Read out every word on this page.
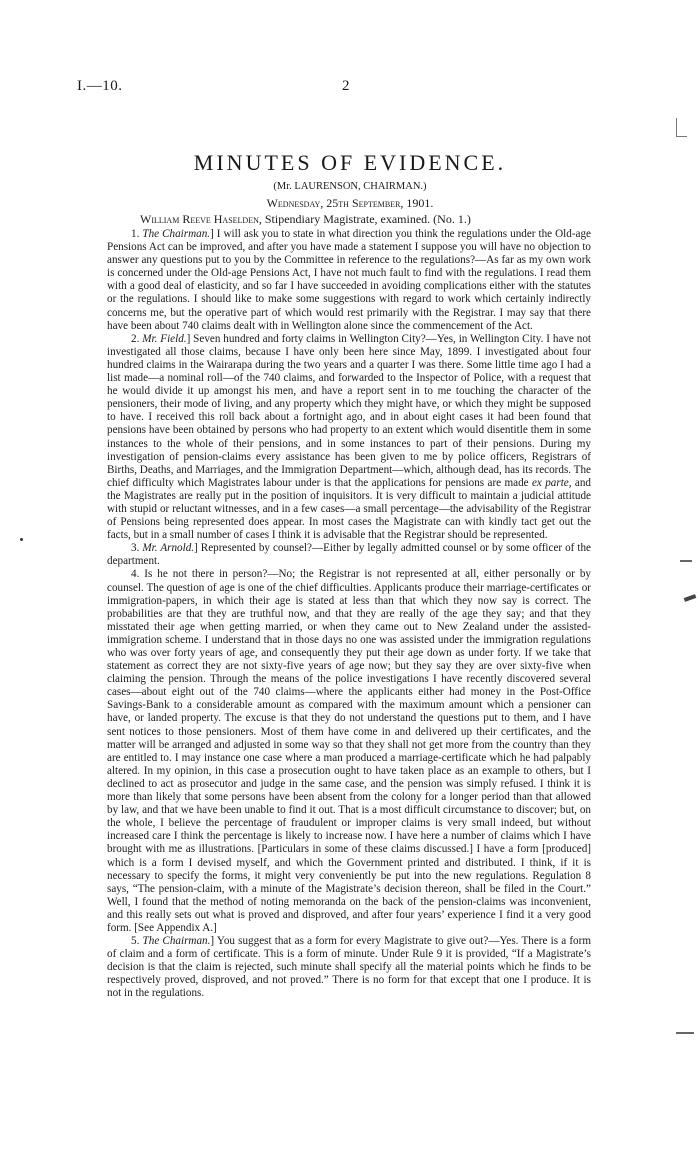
I.—10.	2
MINUTES OF EVIDENCE.
(Mr. LAURENSON, CHAIRMAN.)
Wednesday, 25th September, 1901.
William Reeve Haselden, Stipendiary Magistrate, examined. (No. 1.)

1. The Chairman.] I will ask you to state in what direction you think the regulations under the Old-age Pensions Act can be improved, and after you have made a statement I suppose you will have no objection to answer any questions put to you by the Committee in reference to the regulations?—As far as my own work is concerned under the Old-age Pensions Act, I have not much fault to find with the regulations. I read them with a good deal of elasticity, and so far I have succeeded in avoiding complications either with the statutes or the regulations. I should like to make some suggestions with regard to work which certainly indirectly concerns me, but the operative part of which would rest primarily with the Registrar. I may say that there have been about 740 claims dealt with in Wellington alone since the commencement of the Act.

2. Mr. Field.] Seven hundred and forty claims in Wellington City?—Yes, in Wellington City. I have not investigated all those claims, because I have only been here since May, 1899. I investigated about four hundred claims in the Wairarapa during the two years and a quarter I was there. Some little time ago I had a list made—a nominal roll—of the 740 claims, and forwarded to the Inspector of Police, with a request that he would divide it up amongst his men, and have a report sent in to me touching the character of the pensioners, their mode of living, and any property which they might have, or which they might be supposed to have. I received this roll back about a fortnight ago, and in about eight cases it had been found that pensions have been obtained by persons who had property to an extent which would disentitle them in some instances to the whole of their pensions, and in some instances to part of their pensions. During my investigation of pension-claims every assistance has been given to me by police officers, Registrars of Births, Deaths, and Marriages, and the Immigration Department—which, although dead, has its records. The chief difficulty which Magistrates labour under is that the applications for pensions are made ex parte, and the Magistrates are really put in the position of inquisitors. It is very difficult to maintain a judicial attitude with stupid or reluctant witnesses, and in a few cases—a small percentage—the advisability of the Registrar of Pensions being represented does appear. In most cases the Magistrate can with kindly tact get out the facts, but in a small number of cases I think it is advisable that the Registrar should be represented.

3. Mr. Arnold.] Represented by counsel?—Either by legally admitted counsel or by some officer of the department.

4. Is he not there in person?—No; the Registrar is not represented at all, either personally or by counsel. The question of age is one of the chief difficulties. Applicants produce their marriage-certificates or immigration-papers, in which their age is stated at less than that which they now say is correct. The probabilities are that they are truthful now, and that they are really of the age they say; and that they misstated their age when getting married, or when they came out to New Zealand under the assisted-immigration scheme. I understand that in those days no one was assisted under the immigration regulations who was over forty years of age, and consequently they put their age down as under forty. If we take that statement as correct they are not sixty-five years of age now; but they say they are over sixty-five when claiming the pension. Through the means of the police investigations I have recently discovered several cases—about eight out of the 740 claims—where the applicants either had money in the Post-Office Savings-Bank to a considerable amount as compared with the maximum amount which a pensioner can have, or landed property. The excuse is that they do not understand the questions put to them, and I have sent notices to those pensioners. Most of them have come in and delivered up their certificates, and the matter will be arranged and adjusted in some way so that they shall not get more from the country than they are entitled to. I may instance one case where a man produced a marriage-certificate which he had palpably altered. In my opinion, in this case a prosecution ought to have taken place as an example to others, but I declined to act as prosecutor and judge in the same case, and the pension was simply refused. I think it is more than likely that some persons have been absent from the colony for a longer period than that allowed by law, and that we have been unable to find it out. That is a most difficult circumstance to discover; but, on the whole, I believe the percentage of fraudulent or improper claims is very small indeed, but without increased care I think the percentage is likely to increase now. I have here a number of claims which I have brought with me as illustrations. [Particulars in some of these claims discussed.] I have a form [produced] which is a form I devised myself, and which the Government printed and distributed. I think, if it is necessary to specify the forms, it might very conveniently be put into the new regulations. Regulation 8 says, “The pension-claim, with a minute of the Magistrate’s decision thereon, shall be filed in the Court.” Well, I found that the method of noting memoranda on the back of the pension-claims was inconvenient, and this really sets out what is proved and disproved, and after four years’ experience I find it a very good form. [See Appendix A.]

5. The Chairman.] You suggest that as a form for every Magistrate to give out?—Yes. There is a form of claim and a form of certificate. This is a form of minute. Under Rule 9 it is provided, “If a Magistrate’s decision is that the claim is rejected, such minute shall specify all the material points which he finds to be respectively proved, disproved, and not proved.” There is no form for that except that one I produce. It is not in the regulations.
